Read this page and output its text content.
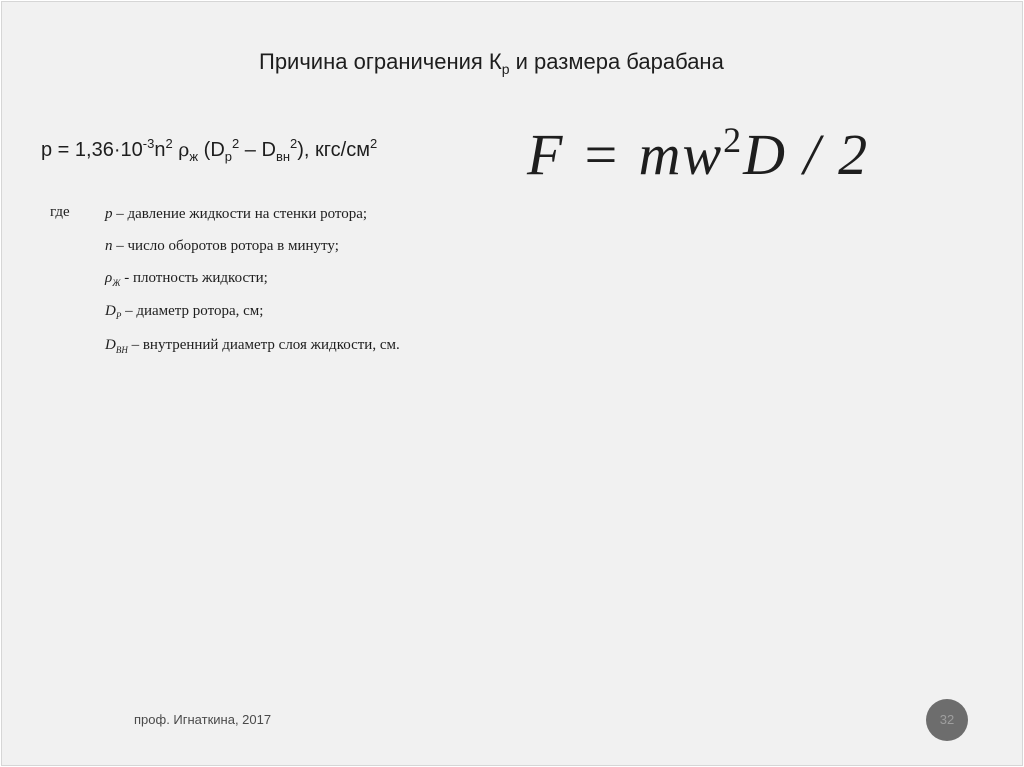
Причина ограничения $К_р$ и размера барабана
$p = 1,36\cdot 10^{-3}n^2$ $\rho_ж$ $(D_р^2 - D_{вн}^2)$, кгс/$см^2$	$F = mw^2D / 2$
где p – давление жидкости на стенки ротора;
n – число оборотов ротора в минуту;
$\rho_Ж$ - плотность жидкости;
$D_Р$ – диаметр ротора, см;
$D_{ВН}$ – внутренний диаметр слоя жидкости, см.
проф. Игнаткина, 2017	32
